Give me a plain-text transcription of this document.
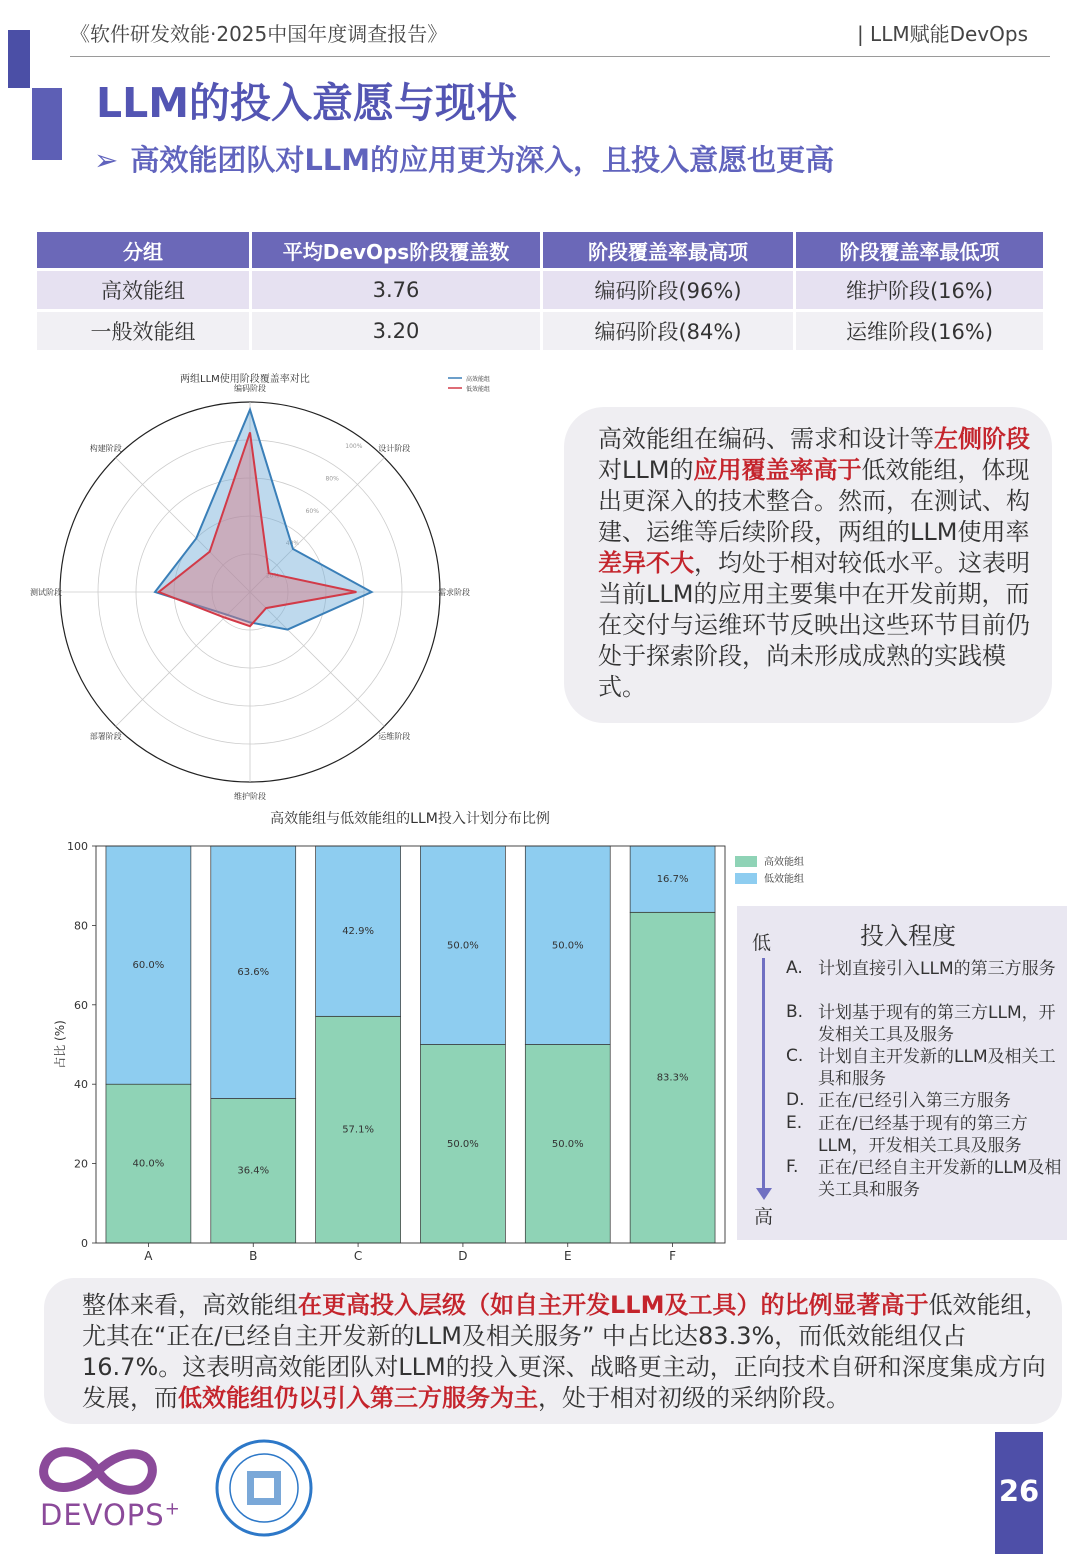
《软件研发效能·2025中国年度调查报告》	| LLM赋能DevOps
LLM的投入意愿与现状
➢ 高效能团队对LLM的应用更为深入，且投入意愿也更高
分组	平均DevOps阶段覆盖数	阶段覆盖率最高项	阶段覆盖率最低项
高效能组	3.76	编码阶段(96%)	维护阶段(16%)
一般效能组	3.20	编码阶段(84%)	运维阶段(16%)
两组LLM使用阶段覆盖率对比
60%
80%
100%
编码阶段
设计阶段
需求阶段
运维阶段
维护阶段
部署阶段
测试阶段
构建阶段
高效能组
低效能组
高效能组在编码、需求和设计等左侧阶段对LLM的应用覆盖率高于低效能组，体现出更深入的技术整合。然而，在测试、构建、运维等后续阶段，两组的LLM使用率差异不大，均处于相对较低水平。这表明当前LLM的应用主要集中在开发前期，而在交付与运维环节反映出这些环节目前仍处于探索阶段，尚未形成成熟的实践模式。
高效能组与低效能组的LLM投入计划分布比例
40.0%
60.0%
A
36.4%
63.6%
B
57.1%
42.9%
C
50.0%
50.0%
D
50.0%
50.0%
E
83.3%
16.7%
F
0
20
40
60
80
100
占比 (%)
高效能组
低效能组
投入程度
低
高
A. 计划直接引入LLM的第三方服务
B. 计划基于现有的第三方LLM，开发相关工具及服务
C. 计划自主开发新的LLM及相关工具和服务
D. 正在/已经引入第三方服务
E. 正在/已经基于现有的第三方LLM，开发相关工具及服务
F. 正在/已经自主开发新的LLM及相关工具和服务
整体来看，高效能组在更高投入层级（如自主开发LLM及工具）的比例显著高于低效能组，尤其在“正在/已经自主开发新的LLM及相关服务” 中占比达83.3%，而低效能组仅占16.7%。这表明高效能团队对LLM的投入更深、战略更主动，正向技术自研和深度集成方向发展，而低效能组仍以引入第三方服务为主，处于相对初级的采纳阶段。
DEVOPS+
26
